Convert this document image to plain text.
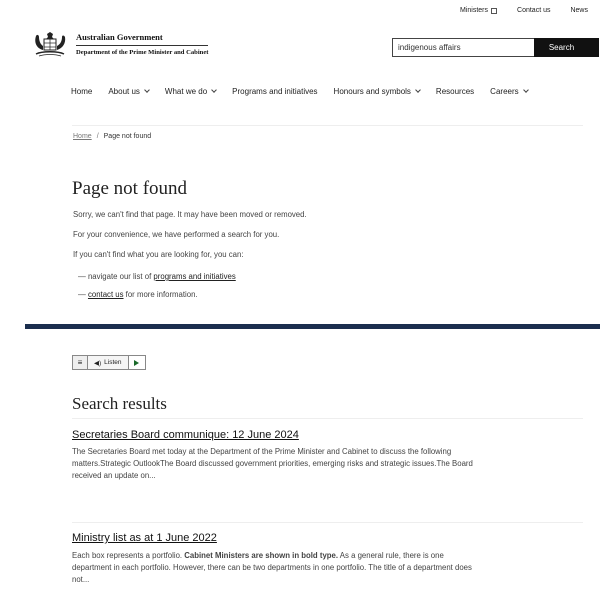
Ministers	Contact us	News
Australian Government
Department of the Prime Minister and Cabinet
indigenous affairs
Search
Home About us	What we do	Programs and initiatives Honours and symbols	Resources Careers
Home / Page not found
Page not found

Sorry, we can't find that page. It may have been moved or removed.

For your convenience, we have performed a search for you.

If you can't find what you are looking for, you can:

— navigate our list of programs and initiatives

— contact us for more information.

≡ ◀) Listen
Search results
Secretaries Board communique: 12 June 2024

The Secretaries Board met today at the Department of the Prime Minister and Cabinet to discuss the following matters.Strategic OutlookThe Board discussed government priorities, emerging risks and strategic issues.The Board received an update on...

Ministry list as at 1 June 2022

Each box represents a portfolio. Cabinet Ministers are shown in bold type. As a general rule, there is one department in each portfolio. However, there can be two departments in one portfolio. The title of a department does not...
